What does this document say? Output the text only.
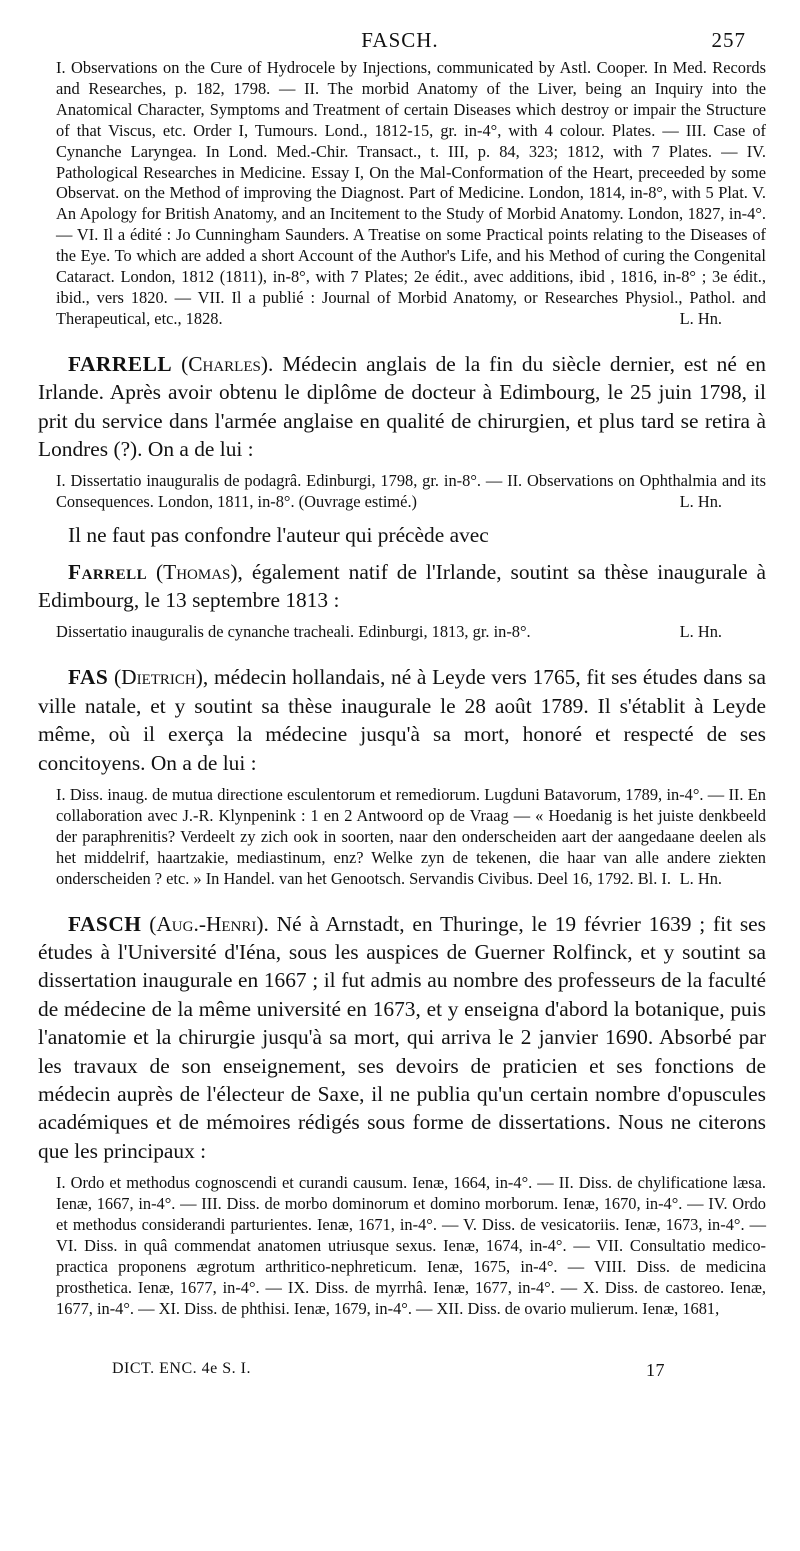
FASCH.	257

I. Observations on the Cure of Hydrocele by Injections, communicated by Astl. Cooper. In Med. Records and Researches, p. 182, 1798. — II. The morbid Anatomy of the Liver, being an Inquiry into the Anatomical Character, Symptoms and Treatment of certain Diseases which destroy or impair the Structure of that Viscus, etc. Order I, Tumours. Lond., 1812-15, gr. in-4°, with 4 colour. Plates. — III. Case of Cynanche Laryngea. In Lond. Med.-Chir. Transact., t. III, p. 84, 323; 1812, with 7 Plates. — IV. Pathological Researches in Medicine. Essay I, On the Mal-Conformation of the Heart, preceeded by some Observat. on the Method of improving the Diagnost. Part of Medicine. London, 1814, in-8°, with 5 Plat. V. An Apology for British Anatomy, and an Incitement to the Study of Morbid Anatomy. London, 1827, in-4°. — VI. Il a édité : Jo Cunningham Saunders. A Treatise on some Practical points relating to the Diseases of the Eye. To which are added a short Account of the Author's Life, and his Method of curing the Congenital Cataract. London, 1812 (1811), in-8°, with 7 Plates; 2e édit., avec additions, ibid , 1816, in-8° ; 3e édit., ibid., vers 1820. — VII. Il a publié : Journal of Morbid Anatomy, or Researches Physiol., Pathol. and Therapeutical, etc., 1828.	L. Hn.

FARRELL (Charles). Médecin anglais de la fin du siècle dernier, est né en Irlande. Après avoir obtenu le diplôme de docteur à Edimbourg, le 25 juin 1798, il prit du service dans l'armée anglaise en qualité de chirurgien, et plus tard se retira à Londres (?). On a de lui :

I. Dissertatio inauguralis de podagrâ. Edinburgi, 1798, gr. in-8°. — II. Observations on Ophthalmia and its Consequences. London, 1811, in-8°. (Ouvrage estimé.)	L. Hn.

Il ne faut pas confondre l'auteur qui précède avec

Farrell (Thomas), également natif de l'Irlande, soutint sa thèse inaugurale à Edimbourg, le 13 septembre 1813 :

Dissertatio inauguralis de cynanche tracheali. Edinburgi, 1813, gr. in-8°.	L. Hn.

FAS (Dietrich), médecin hollandais, né à Leyde vers 1765, fit ses études dans sa ville natale, et y soutint sa thèse inaugurale le 28 août 1789. Il s'établit à Leyde même, où il exerça la médecine jusqu'à sa mort, honoré et respecté de ses concitoyens. On a de lui :

I. Diss. inaug. de mutua directione esculentorum et remediorum. Lugduni Batavorum, 1789, in-4°. — II. En collaboration avec J.-R. Klynpenink : 1 en 2 Antwoord op de Vraag — « Hoedanig is het juiste denkbeeld der paraphrenitis? Verdeelt zy zich ook in soorten, naar den onderscheiden aart der aangedaane deelen als het middelrif, haartzakie, mediastinum, enz? Welke zyn de tekenen, die haar van alle andere ziekten onderscheiden ? etc. » In Handel. van het Genootsch. Servandis Civibus. Deel 16, 1792. Bl. I. L. Hn.

FASCH (Aug.-Henri). Né à Arnstadt, en Thuringe, le 19 février 1639 ; fit ses études à l'Université d'Iéna, sous les auspices de Guerner Rolfinck, et y soutint sa dissertation inaugurale en 1667 ; il fut admis au nombre des professeurs de la faculté de médecine de la même université en 1673, et y enseigna d'abord la botanique, puis l'anatomie et la chirurgie jusqu'à sa mort, qui arriva le 2 janvier 1690. Absorbé par les travaux de son enseignement, ses devoirs de praticien et ses fonctions de médecin auprès de l'électeur de Saxe, il ne publia qu'un certain nombre d'opuscules académiques et de mémoires rédigés sous forme de dissertations. Nous ne citerons que les principaux :

I. Ordo et methodus cognoscendi et curandi causum. Ienæ, 1664, in-4°. — II. Diss. de chylificatione læsa. Ienæ, 1667, in-4°. — III. Diss. de morbo dominorum et domino morborum. Ienæ, 1670, in-4°. — IV. Ordo et methodus considerandi parturientes. Ienæ, 1671, in-4°. — V. Diss. de vesicatoriis. Ienæ, 1673, in-4°. — VI. Diss. in quâ commendat anatomen utriusque sexus. Ienæ, 1674, in-4°. — VII. Consultatio medico-practica proponens ægrotum arthritico-nephreticum. Ienæ, 1675, in-4°. — VIII. Diss. de medicina prosthetica. Ienæ, 1677, in-4°. — IX. Diss. de myrrhâ. Ienæ, 1677, in-4°. — X. Diss. de castoreo. Ienæ, 1677, in-4°. — XI. Diss. de phthisi. Ienæ, 1679, in-4°. — XII. Diss. de ovario mulierum. Ienæ, 1681,

DICT. ENC. 4e S. I.	17
